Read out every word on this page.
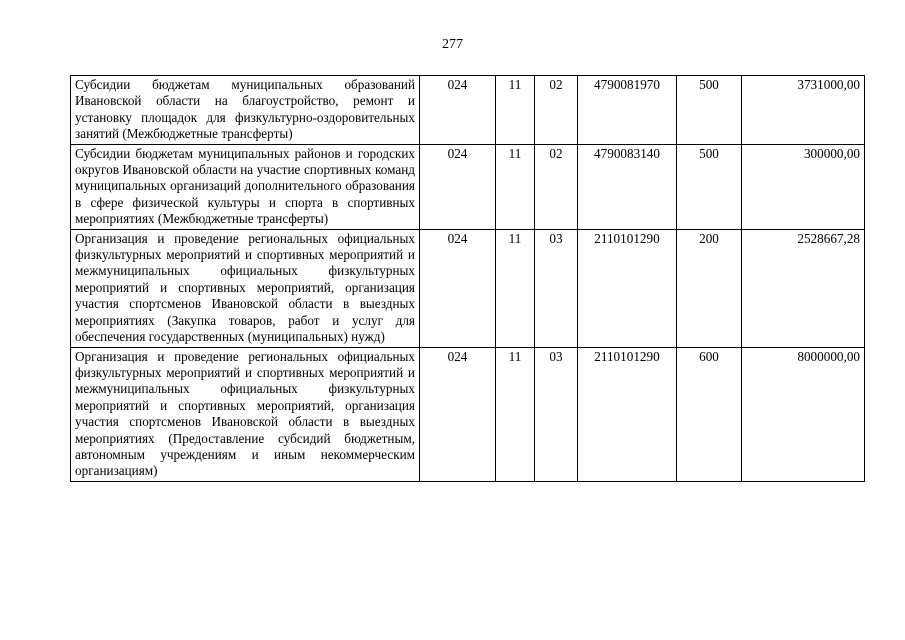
277
Субсидии бюджетам муниципальных образований Ивановской области на благоустройство, ремонт и установку площадок для физкультурно-оздоровительных занятий (Межбюджетные трансферты)	024	11	02	4790081970	500	3731000,00
Субсидии бюджетам муниципальных районов и городских округов Ивановской области на участие спортивных команд муниципальных организаций дополнительного образования в сфере физической культуры и спорта в спортивных мероприятиях (Межбюджетные трансферты)	024	11	02	4790083140	500	300000,00
Организация и проведение региональных официальных физкультурных мероприятий и спортивных мероприятий и межмуниципальных официальных физкультурных мероприятий и спортивных мероприятий, организация участия спортсменов Ивановской области в выездных мероприятиях (Закупка товаров, работ и услуг для обеспечения государственных (муниципальных) нужд)	024	11	03	2110101290	200	2528667,28
Организация и проведение региональных официальных физкультурных мероприятий и спортивных мероприятий и межмуниципальных официальных физкультурных мероприятий и спортивных мероприятий, организация участия спортсменов Ивановской области в выездных мероприятиях (Предоставление субсидий бюджетным, автономным учреждениям и иным некоммерческим организациям)	024	11	03	2110101290	600	8000000,00
